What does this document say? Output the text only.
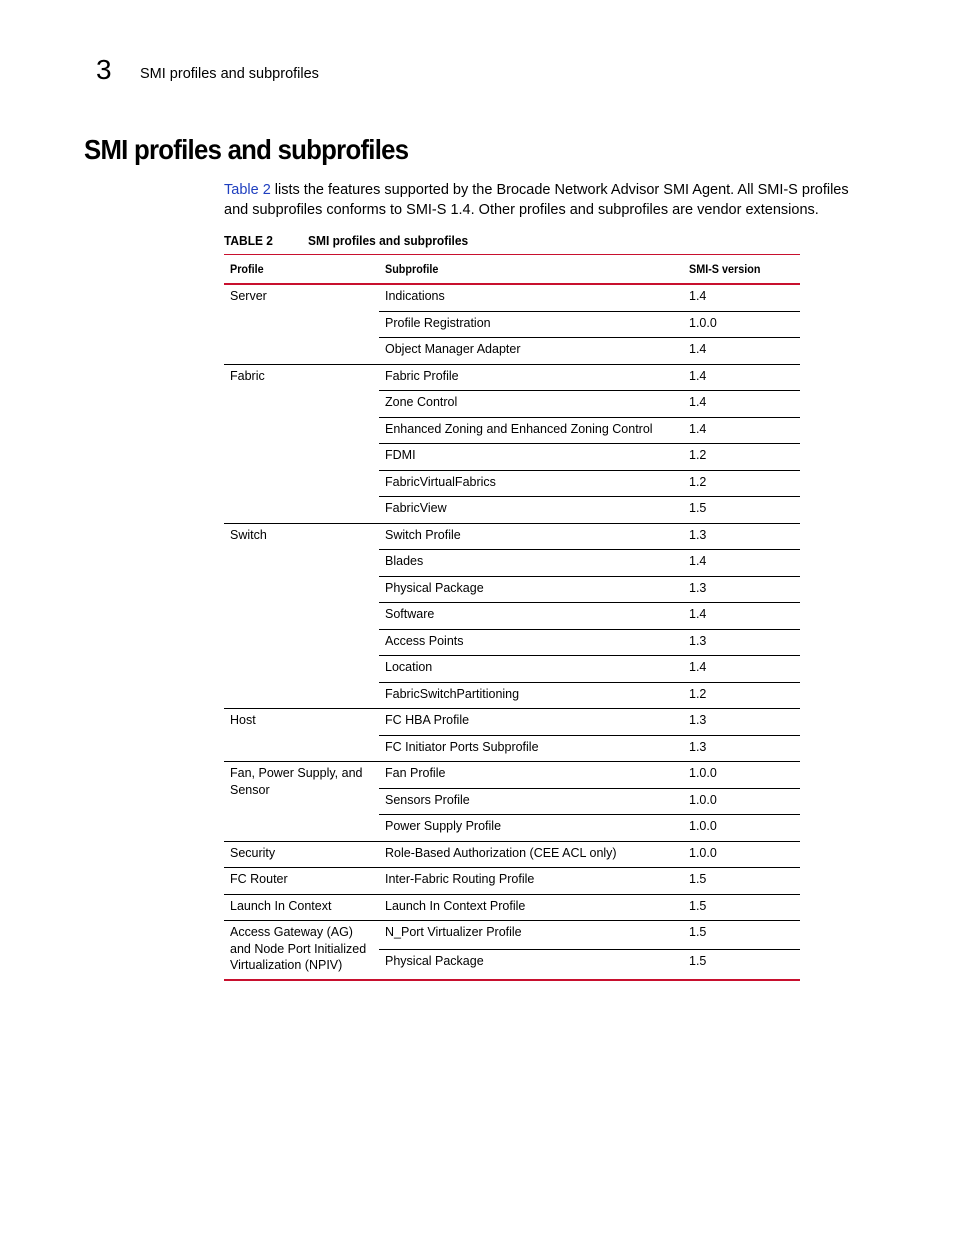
3 SMI profiles and subprofiles
SMI profiles and subprofiles

Table 2 lists the features supported by the Brocade Network Advisor SMI Agent. All SMI-S profiles and subprofiles conforms to SMI-S 1.4. Other profiles and subprofiles are vendor extensions.

TABLE 2	SMI profiles and subprofiles
Profile	Subprofile	SMI-S version
Server	Indications	1.4
	Profile Registration	1.0.0
	Object Manager Adapter	1.4
Fabric	Fabric Profile	1.4
	Zone Control	1.4
	Enhanced Zoning and Enhanced Zoning Control	1.4
	FDMI	1.2
	FabricVirtualFabrics	1.2
	FabricView	1.5
Switch	Switch Profile	1.3
	Blades	1.4
	Physical Package	1.3
	Software	1.4
	Access Points	1.3
	Location	1.4
	FabricSwitchPartitioning	1.2
Host	FC HBA Profile	1.3
	FC Initiator Ports Subprofile	1.3
Fan, Power Supply, and Sensor	Fan Profile	1.0.0
	Sensors Profile	1.0.0
	Power Supply Profile	1.0.0
Security	Role-Based Authorization (CEE ACL only)	1.0.0
FC Router	Inter-Fabric Routing Profile	1.5
Launch In Context	Launch In Context Profile	1.5
Access Gateway (AG) and Node Port Initialized Virtualization (NPIV)	N_Port Virtualizer Profile	1.5
	Physical Package	1.5
